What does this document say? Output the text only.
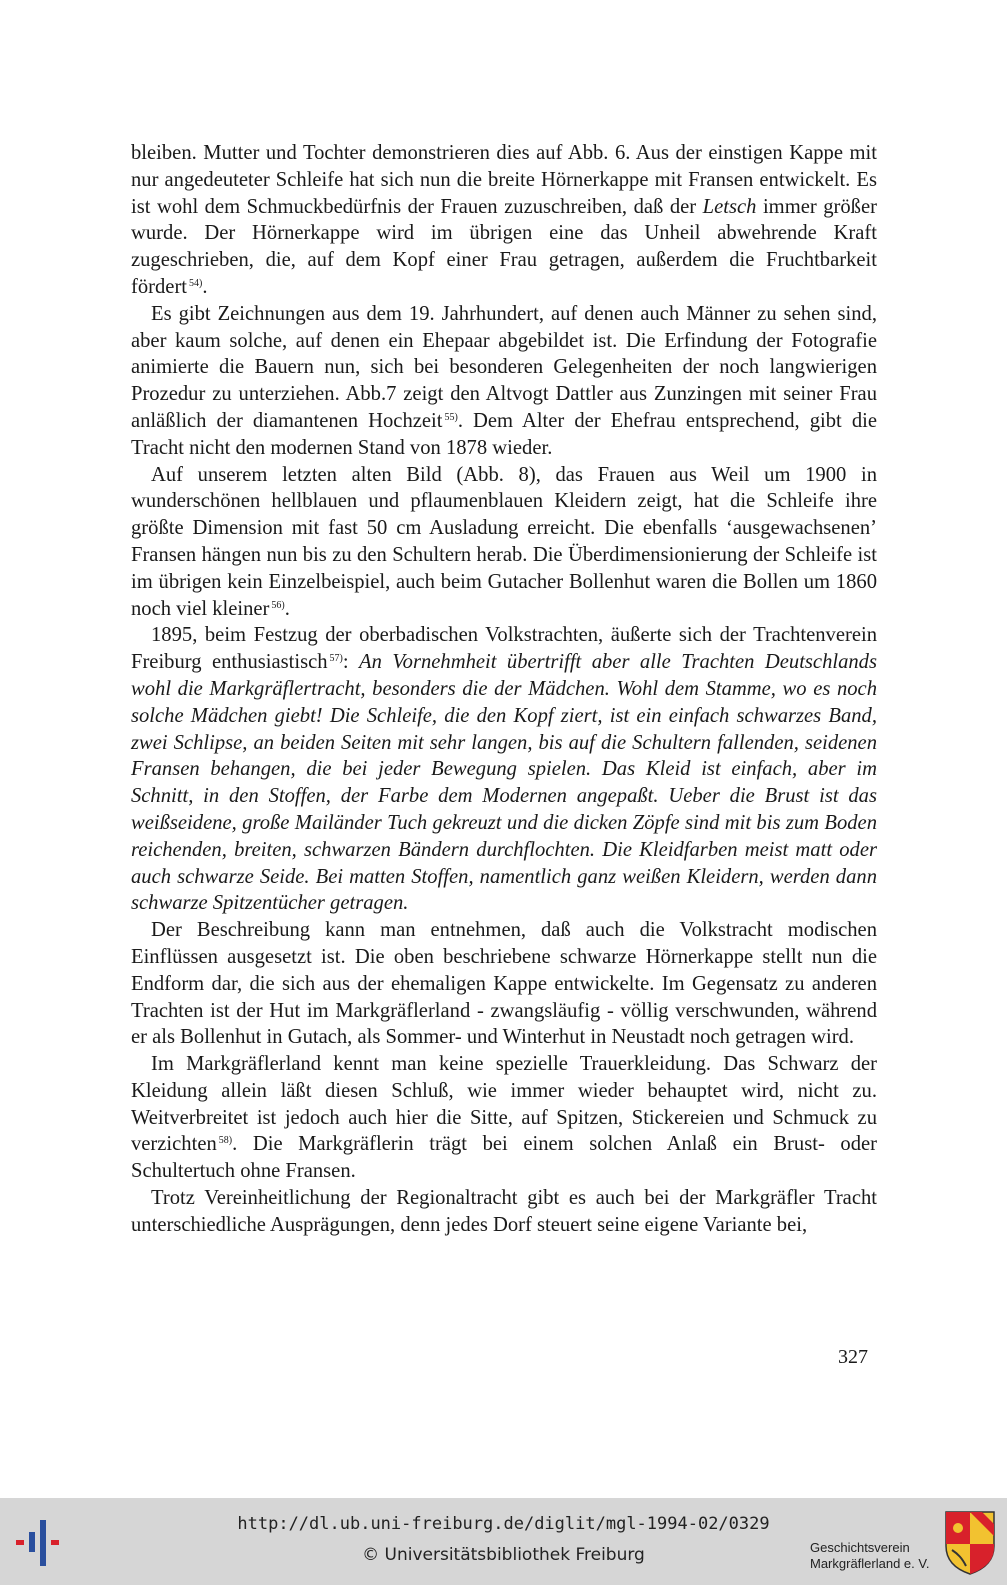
bleiben. Mutter und Tochter demonstrieren dies auf Abb. 6. Aus der einstigen Kappe mit nur angedeuteter Schleife hat sich nun die breite Hörnerkappe mit Fransen entwickelt. Es ist wohl dem Schmuckbedürfnis der Frauen zuzuschreiben, daß der Letsch immer größer wurde. Der Hörnerkappe wird im übrigen eine das Unheil abwehrende Kraft zugeschrieben, die, auf dem Kopf einer Frau getragen, außerdem die Fruchtbarkeit fördert $^{54)}$.

Es gibt Zeichnungen aus dem 19. Jahrhundert, auf denen auch Männer zu sehen sind, aber kaum solche, auf denen ein Ehepaar abgebildet ist. Die Erfindung der Fotografie animierte die Bauern nun, sich bei besonderen Gelegenheiten der noch langwierigen Prozedur zu unterziehen. Abb.7 zeigt den Altvogt Dattler aus Zunzingen mit seiner Frau anläßlich der diamantenen Hochzeit $^{55)}$. Dem Alter der Ehefrau entsprechend, gibt die Tracht nicht den modernen Stand von 1878 wieder.

Auf unserem letzten alten Bild (Abb. 8), das Frauen aus Weil um 1900 in wunderschönen hellblauen und pflaumenblauen Kleidern zeigt, hat die Schleife ihre größte Dimension mit fast 50 cm Ausladung erreicht. Die ebenfalls ‘ausgewachsenen’ Fransen hängen nun bis zu den Schultern herab. Die Überdimensionierung der Schleife ist im übrigen kein Einzelbeispiel, auch beim Gutacher Bollenhut waren die Bollen um 1860 noch viel kleiner $^{56)}$.

1895, beim Festzug der oberbadischen Volkstrachten, äußerte sich der Trachtenverein Freiburg enthusiastisch $^{57)}$: An Vornehmheit übertrifft aber alle Trachten Deutschlands wohl die Markgräflertracht, besonders die der Mädchen. Wohl dem Stamme, wo es noch solche Mädchen giebt! Die Schleife, die den Kopf ziert, ist ein einfach schwarzes Band, zwei Schlipse, an beiden Seiten mit sehr langen, bis auf die Schultern fallenden, seidenen Fransen behangen, die bei jeder Bewegung spielen. Das Kleid ist einfach, aber im Schnitt, in den Stoffen, der Farbe dem Modernen angepaßt. Ueber die Brust ist das weißseidene, große Mailänder Tuch gekreuzt und die dicken Zöpfe sind mit bis zum Boden reichenden, breiten, schwarzen Bändern durchflochten. Die Kleidfarben meist matt oder auch schwarze Seide. Bei matten Stoffen, namentlich ganz weißen Kleidern, werden dann schwarze Spitzentücher getragen.

Der Beschreibung kann man entnehmen, daß auch die Volkstracht modischen Einflüssen ausgesetzt ist. Die oben beschriebene schwarze Hörnerkappe stellt nun die Endform dar, die sich aus der ehemaligen Kappe entwickelte. Im Gegensatz zu anderen Trachten ist der Hut im Markgräflerland - zwangsläufig - völlig verschwunden, während er als Bollenhut in Gutach, als Sommer- und Winterhut in Neustadt noch getragen wird.

Im Markgräflerland kennt man keine spezielle Trauerkleidung. Das Schwarz der Kleidung allein läßt diesen Schluß, wie immer wieder behauptet wird, nicht zu. Weitverbreitet ist jedoch auch hier die Sitte, auf Spitzen, Stickereien und Schmuck zu verzichten $^{58)}$. Die Markgräflerin trägt bei einem solchen Anlaß ein Brust- oder Schultertuch ohne Fransen.

Trotz Vereinheitlichung der Regionaltracht gibt es auch bei der Markgräfler Tracht unterschiedliche Ausprägungen, denn jedes Dorf steuert seine eigene Variante bei,

327
http://dl.ub.uni-freiburg.de/diglit/mgl-1994-02/0329
© Universitätsbibliothek Freiburg	Geschichtsverein
Markgräflerland e. V.
